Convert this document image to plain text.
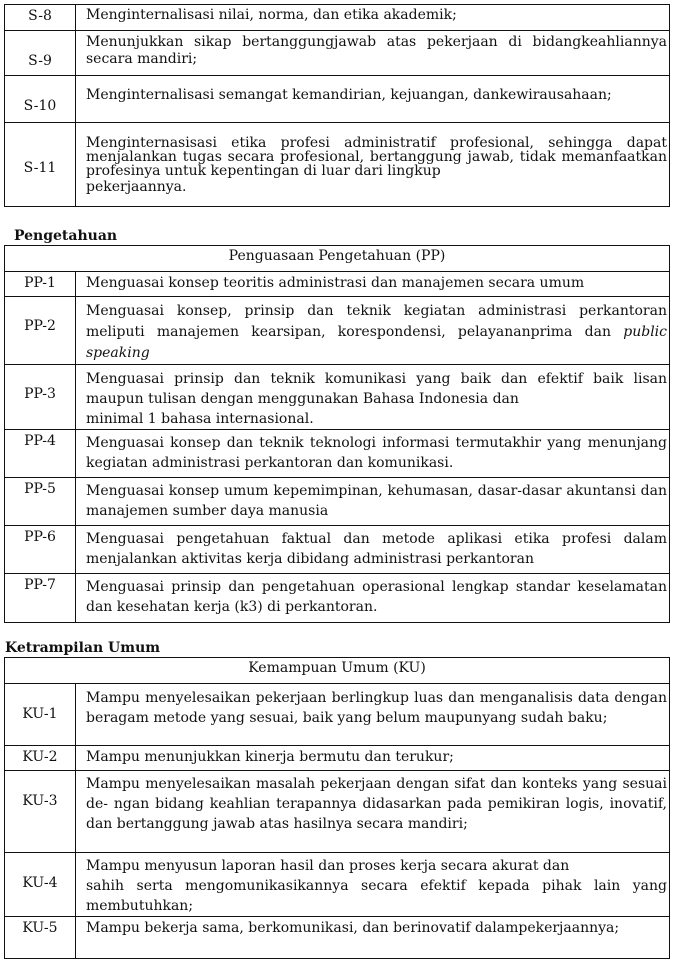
S-8	Menginternalisasi nilai, norma, dan etika akademik;
S-9	Menunjukkan sikap bertanggungjawab atas pekerjaan di bidangkeahliannya secara mandiri;
S-10	Menginternalisasi semangat kemandirian, kejuangan, dankewirausahaan;
S-11	Menginternasisasi etika profesi administratif profesional, sehingga dapat menjalankan tugas secara profesional, bertanggung jawab, tidak memanfaatkan profesinya untuk kepentingan di luar dari lingkup
pekerjaannya.
Pengetahuan
Penguasaan Pengetahuan (PP)	
PP-1	Menguasai konsep teoritis administrasi dan manajemen secara umum
PP-2	Menguasai konsep, prinsip dan teknik kegiatan administrasi perkantoran meliputi manajemen kearsipan, korespondensi, pelayananprima dan public speaking
PP-3	Menguasai prinsip dan teknik komunikasi yang baik dan efektif baik lisan maupun tulisan dengan menggunakan Bahasa Indonesia dan
minimal 1 bahasa internasional.

PP-4	Menguasai konsep dan teknik teknologi informasi termutakhir yang menunjang kegiatan administrasi perkantoran dan komunikasi.
PP-5	Menguasai konsep umum kepemimpinan, kehumasan, dasar-dasar akuntansi dan manajemen sumber daya manusia
PP-6	Menguasai pengetahuan faktual dan metode aplikasi etika profesi dalam menjalankan aktivitas kerja dibidang administrasi perkantoran
PP-7	Menguasai prinsip dan pengetahuan operasional lengkap standar keselamatan dan kesehatan kerja (k3) di perkantoran.
Ketrampilan Umum
Kemampuan Umum (KU)	
KU-1	Mampu menyelesaikan pekerjaan berlingkup luas dan menganalisis data dengan beragam metode yang sesuai, baik yang belum maupunyang sudah baku;
KU-2	Mampu menunjukkan kinerja bermutu dan terukur;
KU-3	Mampu menyelesaikan masalah pekerjaan dengan sifat dan konteks yang sesuai de- ngan bidang keahlian terapannya didasarkan pada pemikiran logis, inovatif, dan bertanggung jawab atas hasilnya secara mandiri;
KU-4	Mampu menyusun laporan hasil dan proses kerja secara akurat dan
sahih serta mengomunikasikannya secara efektif kepada pihak lain yang membutuhkan;
KU-5	Mampu bekerja sama, berkomunikasi, dan berinovatif dalampekerjaannya;
